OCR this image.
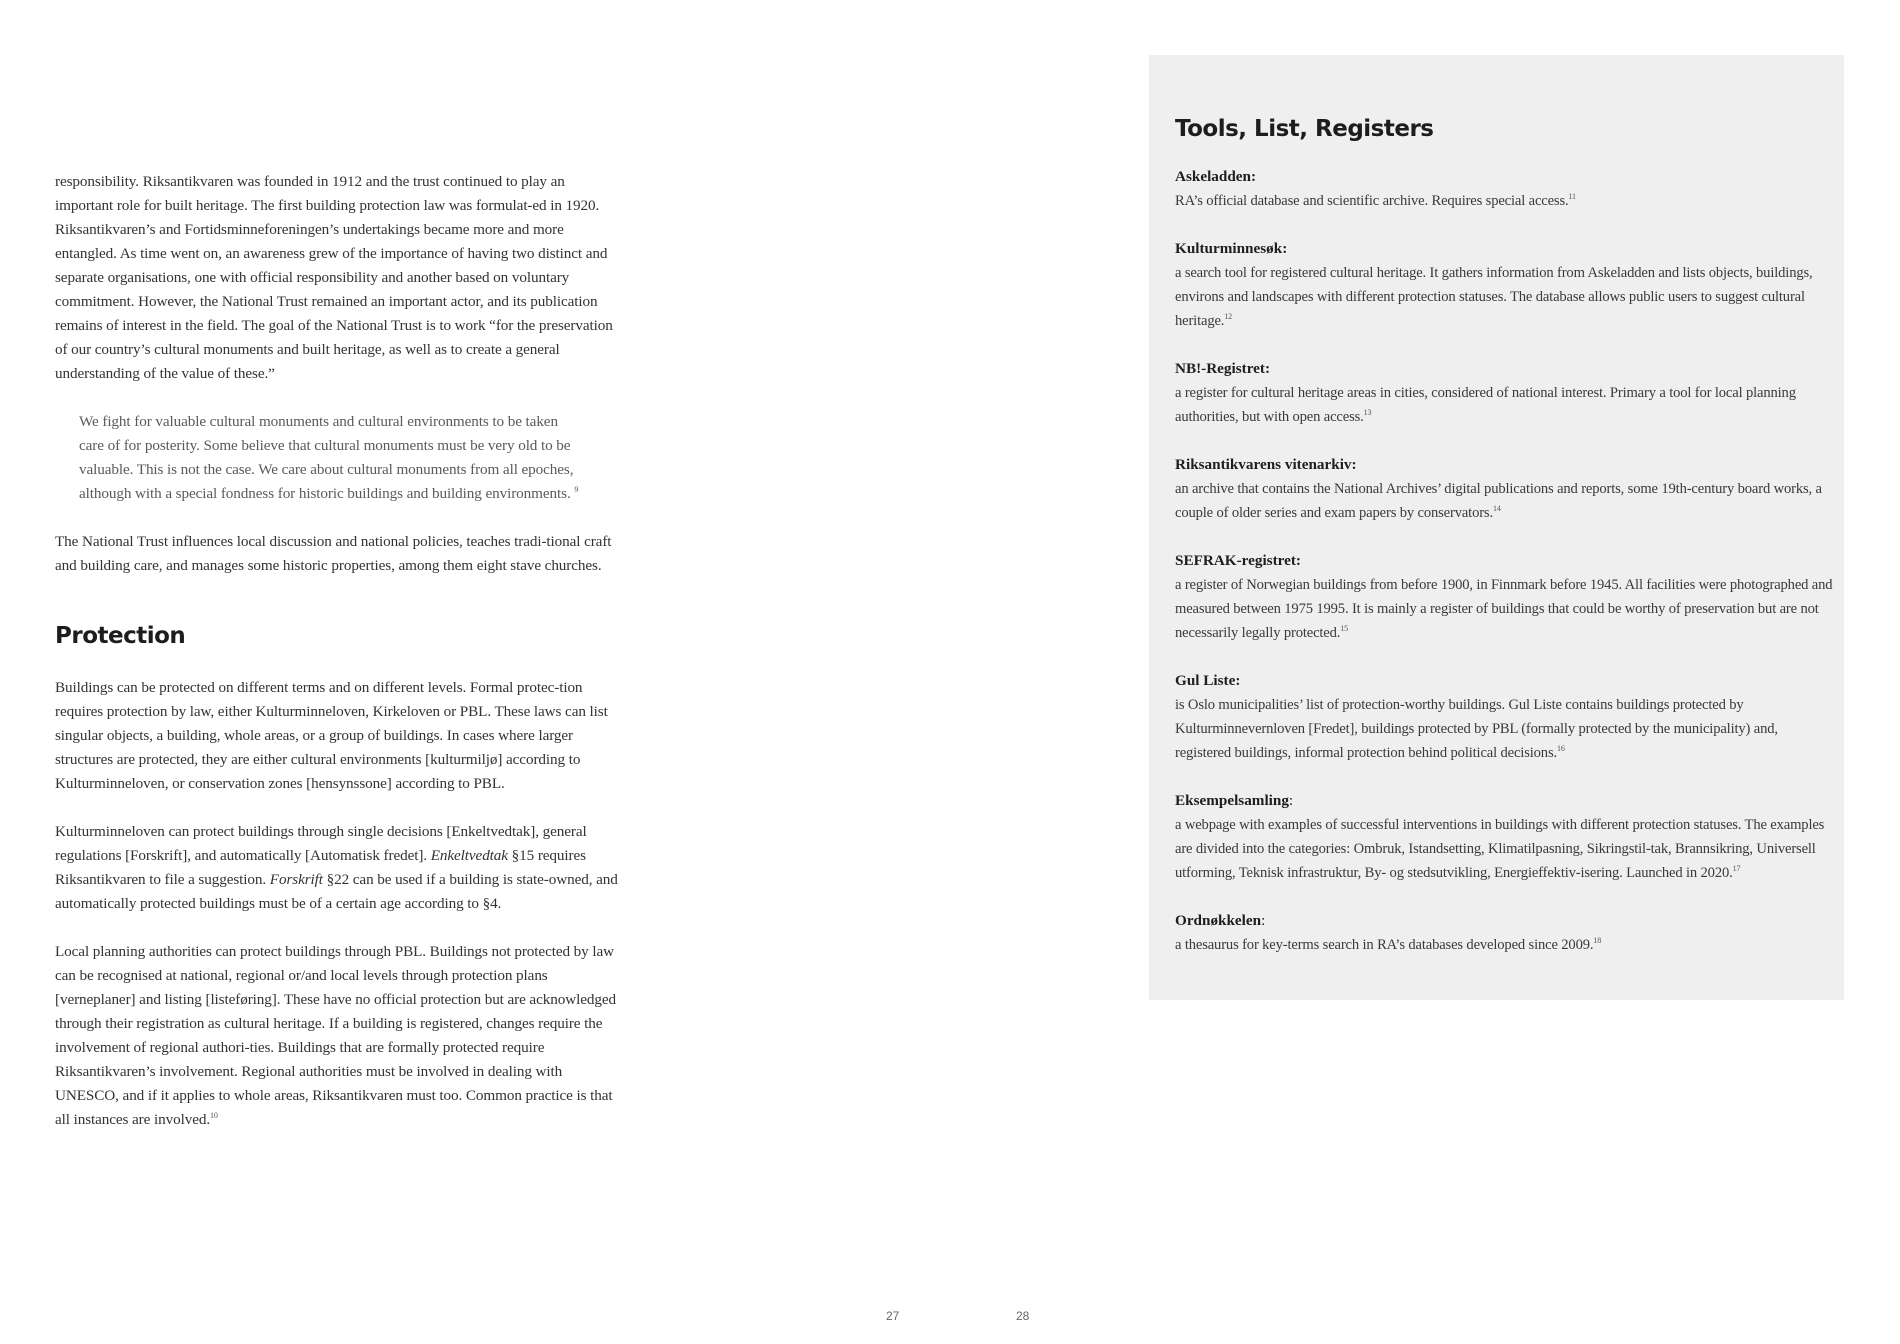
responsibility. Riksantikvaren was founded in 1912 and the trust continued to play an important role for built heritage. The first building protection law was formulat-ed in 1920. Riksantikvaren’s and Fortidsminneforeningen’s undertakings became more and more entangled. As time went on, an awareness grew of the importance of having two distinct and separate organisations, one with official responsibility and another based on voluntary commitment. However, the National Trust remained an important actor, and its publication remains of interest in the field. The goal of the National Trust is to work “for the preservation of our country’s cultural monuments and built heritage, as well as to create a general understanding of the value of these.”

We fight for valuable cultural monuments and cultural environments to be taken care of for posterity. Some believe that cultural monuments must be very old to be valuable. This is not the case. We care about cultural monuments from all epoches, although with a special fondness for historic buildings and building environments. $^9$

The National Trust influences local discussion and national policies, teaches tradi-tional craft and building care, and manages some historic properties, among them eight stave churches.

Protection

Buildings can be protected on different terms and on different levels. Formal protec-tion requires protection by law, either Kulturminneloven, Kirkeloven or PBL. These laws can list singular objects, a building, whole areas, or a group of buildings. In cases where larger structures are protected, they are either cultural environments [kulturmiljø] according to Kulturminneloven, or conservation zones [hensynssone] according to PBL.

Kulturminneloven can protect buildings through single decisions [Enkeltvedtak], general regulations [Forskrift], and automatically [Automatisk fredet]. Enkeltvedtak §15 requires Riksantikvaren to file a suggestion. Forskrift §22 can be used if a building is state-owned, and automatically protected buildings must be of a certain age according to §4.

Local planning authorities can protect buildings through PBL. Buildings not protected by law can be recognised at national, regional or/and local levels through protection plans [verneplaner] and listing [listeføring]. These have no official protection but are acknowledged through their registration as cultural heritage. If a building is registered, changes require the involvement of regional authori-ties. Buildings that are formally protected require Riksantikvaren’s involvement. Regional authorities must be involved in dealing with UNESCO, and if it applies to whole areas, Riksantikvaren must too. Common practice is that all instances are involved.$^{10}$

27
Tools, List, Registers
Askeladden:
RA’s official database and scientific archive. Requires special access.$^{11}$
Kulturminnesøk:
a search tool for registered cultural heritage. It gathers information from Askeladden and lists objects, buildings, environs and landscapes with different protection statuses. The database allows public users to suggest cultural heritage.$^{12}$
NB!-Registret:
a register for cultural heritage areas in cities, considered of national interest. Primary a tool for local planning authorities, but with open access.$^{13}$
Riksantikvarens vitenarkiv:
an archive that contains the National Archives’ digital publications and reports, some 19th-century board works, a couple of older series and exam papers by conservators.$^{14}$
SEFRAK-registret:
a register of Norwegian buildings from before 1900, in Finnmark before 1945. All facilities were photographed and measured between 1975 1995. It is mainly a register of buildings that could be worthy of preservation but are not necessarily legally protected.$^{15}$
Gul Liste:
is Oslo municipalities’ list of protection-worthy buildings. Gul Liste contains buildings protected by Kulturminnevernloven [Fredet], buildings protected by PBL (formally protected by the municipality) and, registered buildings, informal protection behind political decisions.$^{16}$
Eksempelsamling:
a webpage with examples of successful interventions in buildings with different protection statuses. The examples are divided into the categories: Ombruk, Istandsetting, Klimatilpasning, Sikringstil-tak, Brannsikring, Universell utforming, Teknisk infrastruktur, By- og stedsutvikling, Energieffektiv-isering. Launched in 2020.17
Ordnøkkelen:
a thesaurus for key-terms search in RA’s databases developed since 2009.18
28
